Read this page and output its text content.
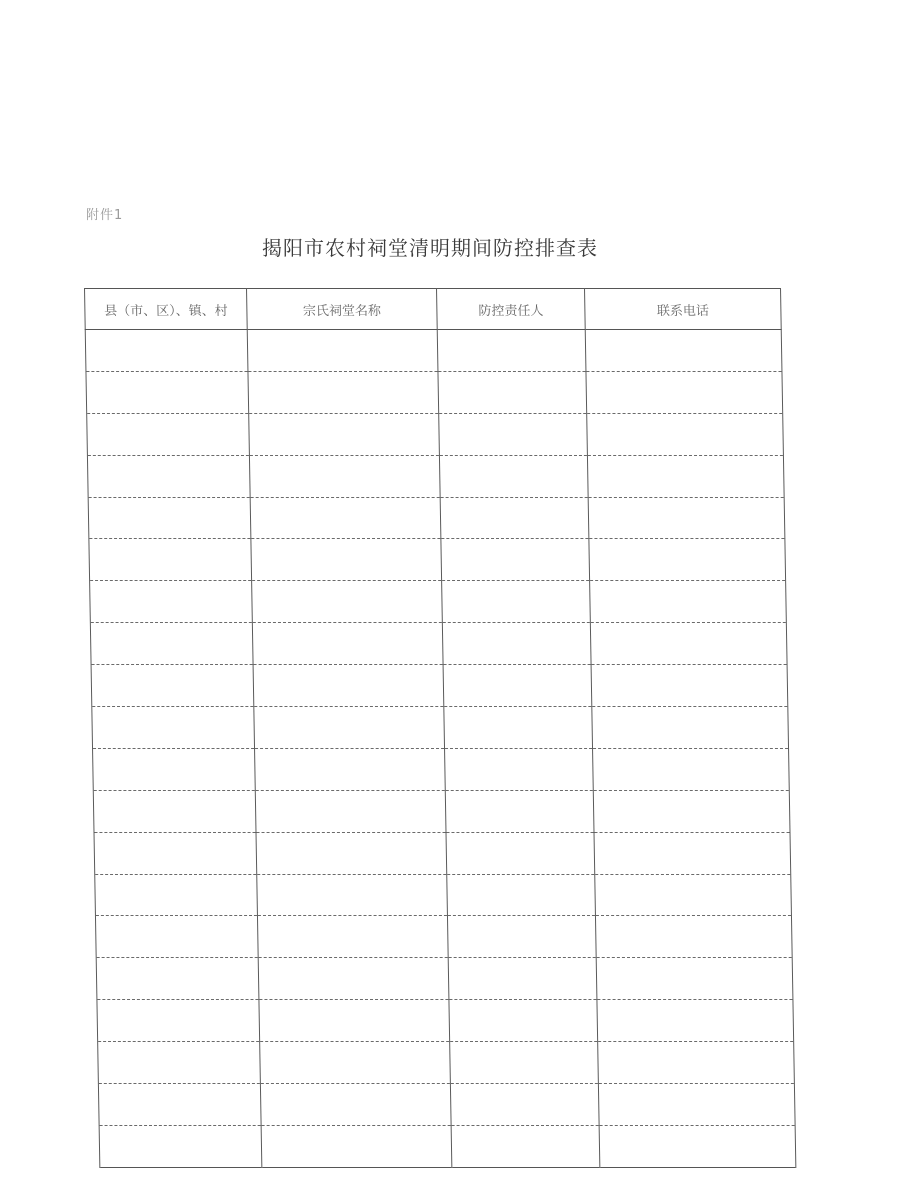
附件1
揭阳市农村祠堂清明期间防控排查表
县（市、区）、镇、村	宗氏祠堂名称	防控责任人	联系电话
